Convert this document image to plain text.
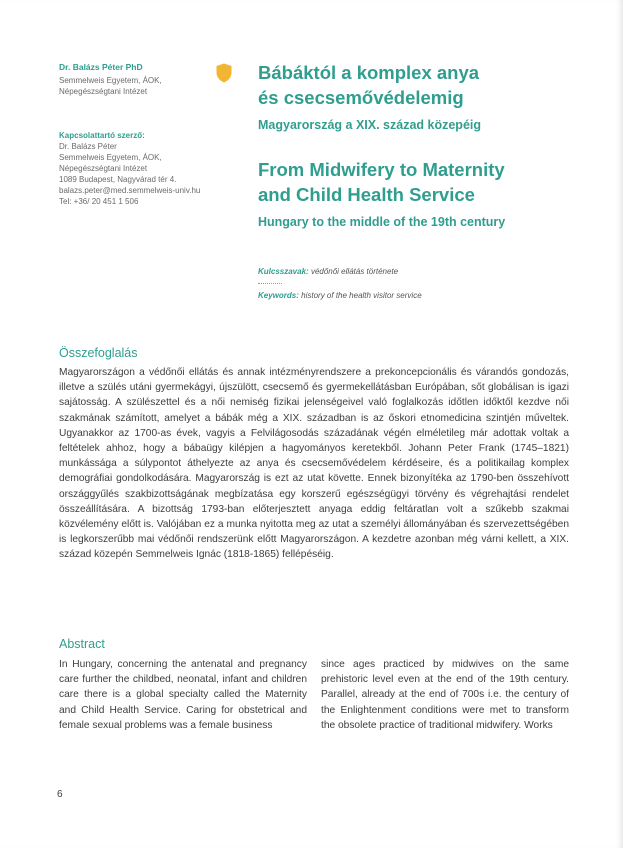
Dr. Balázs Péter PhD
Semmelweis Egyetem, ÁOK,
Népegészségtani Intézet
Kapcsolattartó szerző:
Dr. Balázs Péter
Semmelweis Egyetem, ÁOK,
Népegészségtani Intézet
1089 Budapest, Nagyvárad tér 4.
balazs.peter@med.semmelweis-univ.hu
Tel: +36/ 20 451 1 506
Bábáktól a komplex anya
és csecsemővédelemig
Magyarország a XIX. század közepéig
From Midwifery to Maternity
and Child Health Service
Hungary to the middle of the 19th century
Kulcsszavak: védőnői ellátás története
Keywords: history of the health visitor service
Összefoglalás

Magyarországon a védőnői ellátás és annak intézményrendszere a prekoncepcionális és várandós gondozás, illetve a szülés utáni gyermekágyi, újszülött, csecsemő és gyermekellátásban Európában, sőt globálisan is igazi sajátosság. A szülészettel és a női nemiség fizikai jelenségeivel való foglalkozás időtlen időktől kezdve női szakmának számított, amelyet a bábák még a XIX. században is az őskori etnomedicina szintjén műveltek. Ugyanakkor az 1700-as évek, vagyis a Felvilágosodás századának végén elméletileg már adottak voltak a feltételek ahhoz, hogy a bábaügy kilépjen a hagyományos keretekből. Johann Peter Frank (1745–1821) munkássága a súlypontot áthelyezte az anya és csecsemővédelem kérdéseire, és a politikailag komplex demográfiai gondolkodására. Magyarország is ezt az utat követte. Ennek bizonyítéka az 1790-ben összehívott országgyűlés szakbizottságának megbízatása egy korszerű egészségügyi törvény és végrehajtási rendelet összeállítására. A bizottság 1793-ban előterjesztett anyaga eddig feltáratlan volt a szűkebb szakmai közvélemény előtt is. Valójában ez a munka nyitotta meg az utat a személyi állományában és szervezettségében is legkorszerűbb mai védőnői rendszerünk előtt Magyarországon. A kezdetre azonban még várni kellett, a XIX. század közepén Semmelweis Ignác (1818-1865) fellépéséig.

Abstract

In Hungary, concerning the antenatal and pregnancy care further the childbed, neonatal, infant and children care there is a global specialty called the Maternity and Child Health Service. Caring for obstetrical and female sexual problems was a female business

since ages practiced by midwives on the same prehistoric level even at the end of the 19th century. Parallel, already at the end of 700s i.e. the century of the Enlightenment conditions were met to transform the obsolete practice of traditional midwifery. Works

6
